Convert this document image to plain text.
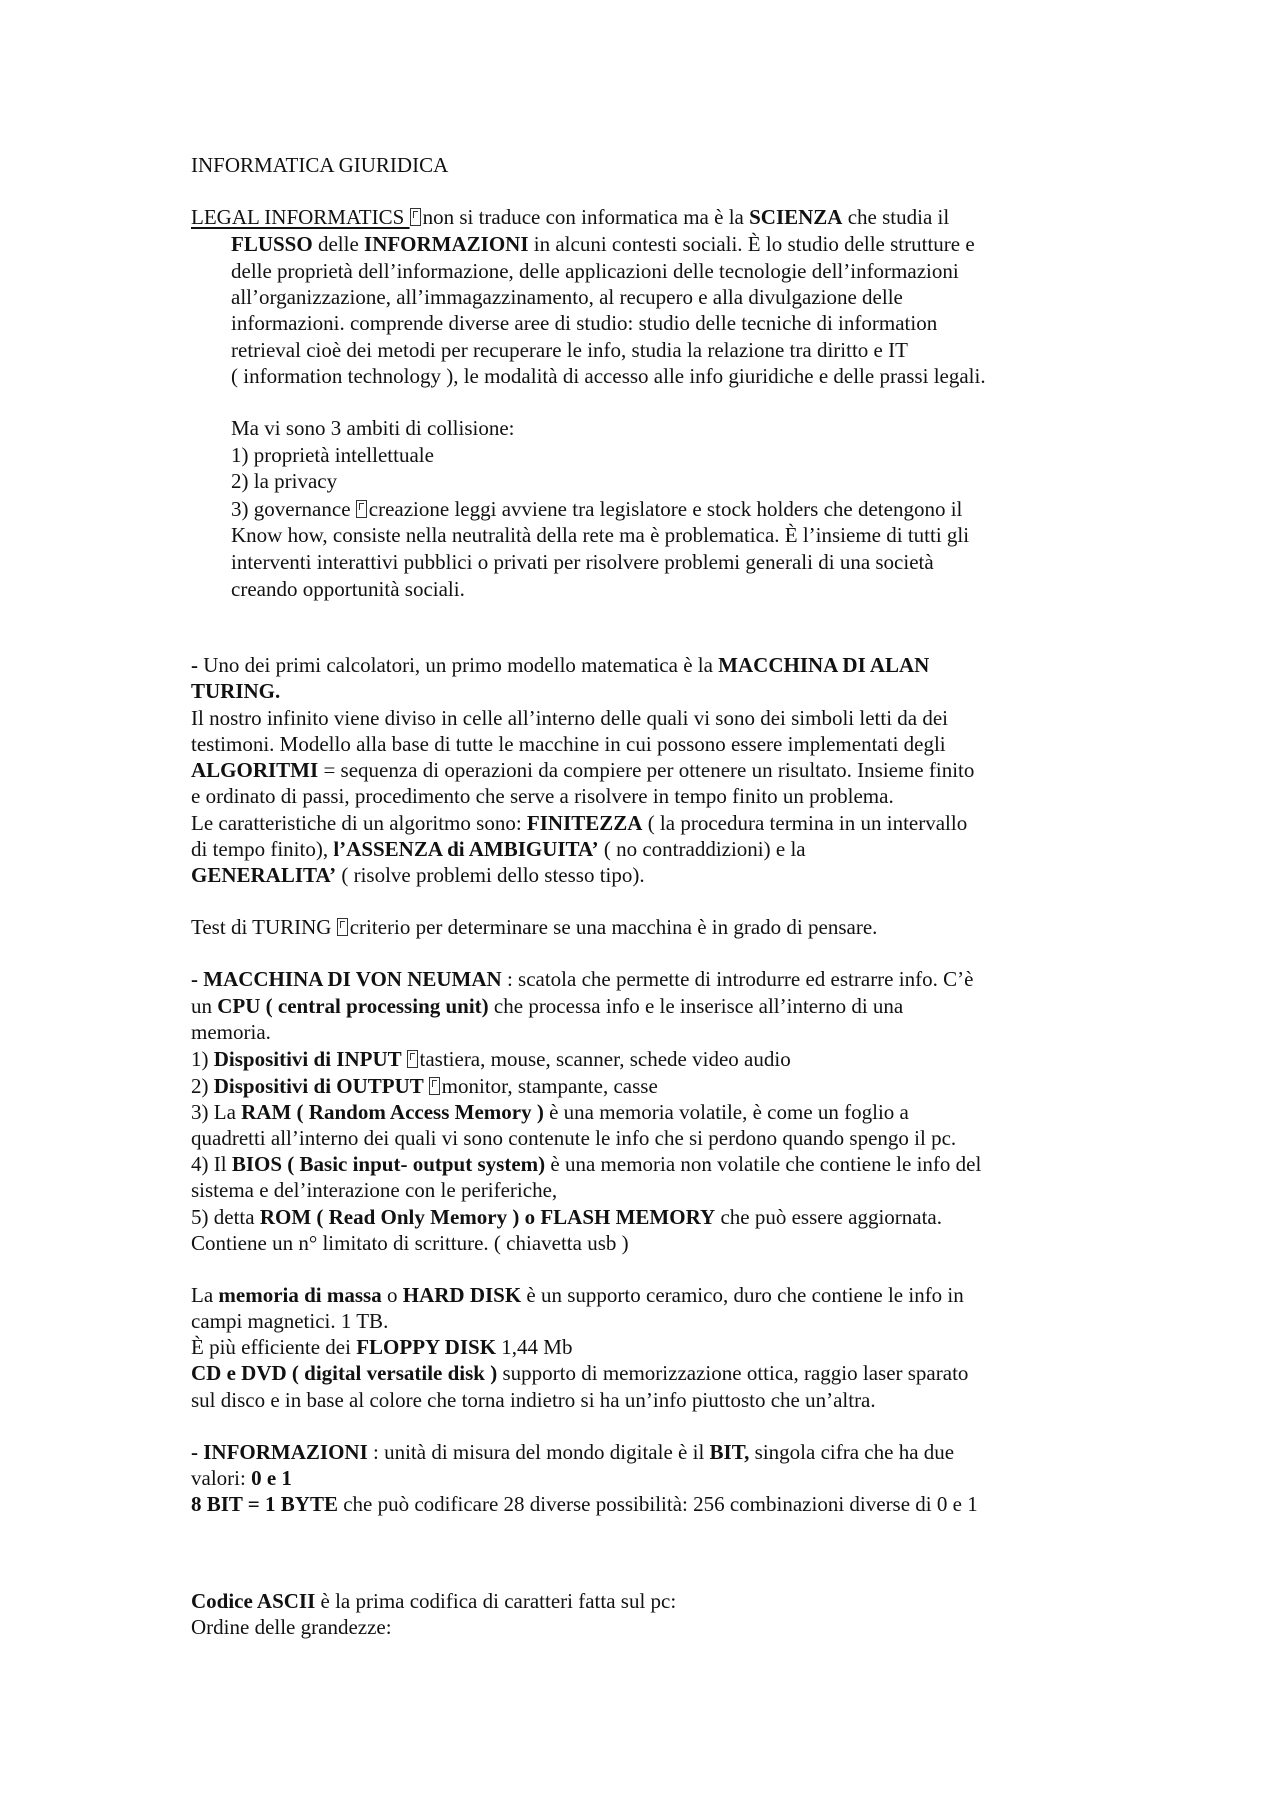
INFORMATICA GIURIDICA

LEGAL INFORMATICS non si traduce con informatica ma è la SCIENZA che studia il

FLUSSO delle INFORMAZIONI in alcuni contesti sociali. È lo studio delle strutture e

delle proprietà dell’informazione, delle applicazioni delle tecnologie dell’informazioni

all’organizzazione, all’immagazzinamento, al recupero e alla divulgazione delle

informazioni. comprende diverse aree di studio: studio delle tecniche di information

retrieval cioè dei metodi per recuperare le info, studia la relazione tra diritto e IT

( information technology ), le modalità di accesso alle info giuridiche e delle prassi legali.

Ma vi sono 3 ambiti di collisione:

1) proprietà intellettuale

2) la privacy

3) governance creazione leggi avviene tra legislatore e stock holders che detengono il

Know how, consiste nella neutralità della rete ma è problematica. È l’insieme di tutti gli

interventi interattivi pubblici o privati per risolvere problemi generali di una società

creando opportunità sociali.

- Uno dei primi calcolatori, un primo modello matematica è la MACCHINA DI ALAN

TURING.

Il nostro infinito viene diviso in celle all’interno delle quali vi sono dei simboli letti da dei

testimoni. Modello alla base di tutte le macchine in cui possono essere implementati degli

ALGORITMI = sequenza di operazioni da compiere per ottenere un risultato. Insieme finito

e ordinato di passi, procedimento che serve a risolvere in tempo finito un problema.

Le caratteristiche di un algoritmo sono: FINITEZZA ( la procedura termina in un intervallo

di tempo finito), l’ASSENZA di AMBIGUITA’ ( no contraddizioni) e la

GENERALITA’ ( risolve problemi dello stesso tipo).

Test di TURING criterio per determinare se una macchina è in grado di pensare.

- MACCHINA DI VON NEUMAN : scatola che permette di introdurre ed estrarre info. C’è

un CPU ( central processing unit) che processa info e le inserisce all’interno di una

memoria.

1) Dispositivi di INPUT tastiera, mouse, scanner, schede video audio

2) Dispositivi di OUTPUT monitor, stampante, casse

3) La RAM ( Random Access Memory ) è una memoria volatile, è come un foglio a

quadretti all’interno dei quali vi sono contenute le info che si perdono quando spengo il pc.

4) Il BIOS ( Basic input- output system) è una memoria non volatile che contiene le info del

sistema e del’interazione con le periferiche,

5) detta ROM ( Read Only Memory ) o FLASH MEMORY che può essere aggiornata.

Contiene un n° limitato di scritture. ( chiavetta usb )

La memoria di massa o HARD DISK è un supporto ceramico, duro che contiene le info in

campi magnetici. 1 TB.

È più efficiente dei FLOPPY DISK 1,44 Mb

CD e DVD ( digital versatile disk ) supporto di memorizzazione ottica, raggio laser sparato

sul disco e in base al colore che torna indietro si ha un’info piuttosto che un’altra.

- INFORMAZIONI : unità di misura del mondo digitale è il BIT, singola cifra che ha due

valori: 0 e 1

8 BIT = 1 BYTE che può codificare 28 diverse possibilità: 256 combinazioni diverse di 0 e 1

Codice ASCII è la prima codifica di caratteri fatta sul pc:

Ordine delle grandezze:
